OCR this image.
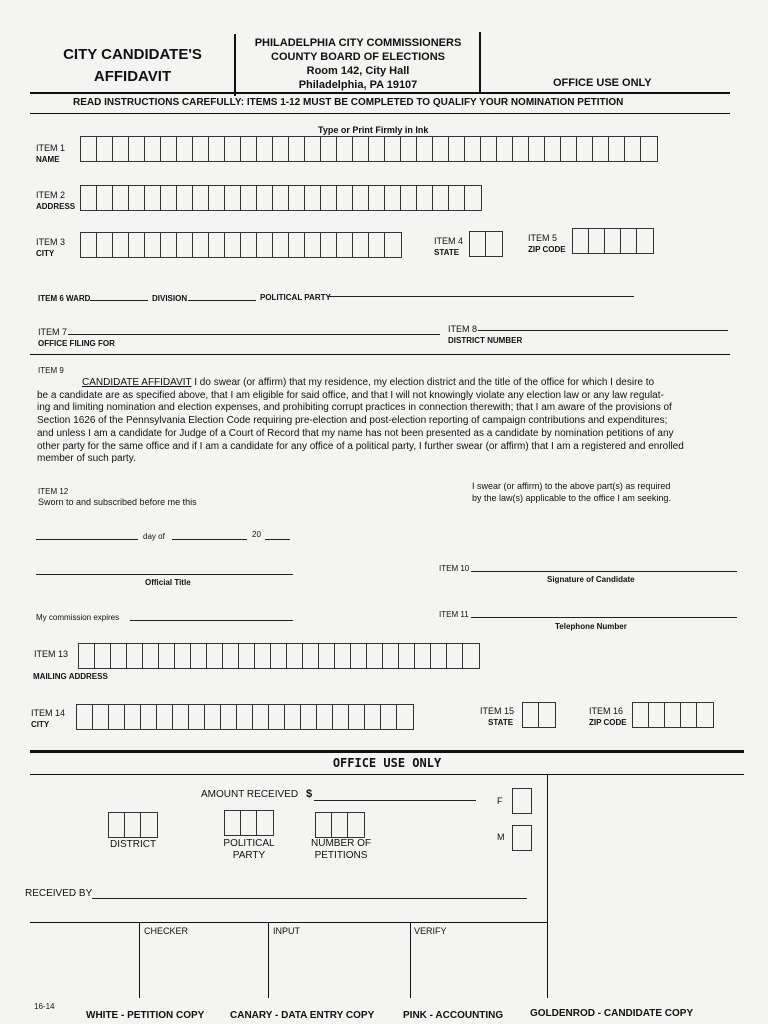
CITY CANDIDATE'S
AFFIDAVIT
PHILADELPHIA CITY COMMISSIONERS
COUNTY BOARD OF ELECTIONS
Room 142, City Hall
Philadelphia, PA 19107	OFFICE USE ONLY
READ INSTRUCTIONS CAREFULLY: ITEMS 1-12 MUST BE COMPLETED TO QUALIFY YOUR NOMINATION PETITION
Type or Print Firmly in Ink
ITEM 1
NAME
ITEM 2
ADDRESS
ITEM 3
CITY
ITEM 4
STATE
ITEM 5
ZIP CODE
ITEM 6 WARD	DIVISION	POLITICAL PARTY
ITEM 7
OFFICE FILING FOR
ITEM 8
DISTRICT NUMBER
ITEM 9
CANDIDATE AFFIDAVIT I do swear (or affirm) that my residence, my election district and the title of the office for which I desire to
be a candidate are as specified above, that I am eligible for said office, and that I will not knowingly violate any election law or any law regulat-
ing and limiting nomination and election expenses, and prohibiting corrupt practices in connection therewith; that I am aware of the provisions of
Section 1626 of the Pennsylvania Election Code requiring pre-election and post-election reporting of campaign contributions and expenditures;
and unless I am a candidate for Judge of a Court of Record that my name has not been presented as a candidate by nomination petitions of any
other party for the same office and if I am a candidate for any office of a political party, I further swear (or affirm) that I am a registered and enrolled
member of such party.
ITEM 12
Sworn to and subscribed before me this
I swear (or affirm) to the above part(s) as required
by the law(s) applicable to the office I am seeking.
day of	20
Official Title
ITEM 10
Signature of Candidate
My commission expires	ITEM 11
Telephone Number
ITEM 13
MAILING ADDRESS
ITEM 14
CITY
ITEM 15
STATE
ITEM 16
ZIP CODE
OFFICE USE ONLY
AMOUNT RECEIVED $
F
M
DISTRICT	POLITICAL
PARTY
NUMBER OF
PETITIONS
RECEIVED BY
CHECKER	INPUT	VERIFY
16-14
WHITE - PETITION COPY	CANARY - DATA ENTRY COPY	PINK - ACCOUNTING	GOLDENROD - CANDIDATE COPY
